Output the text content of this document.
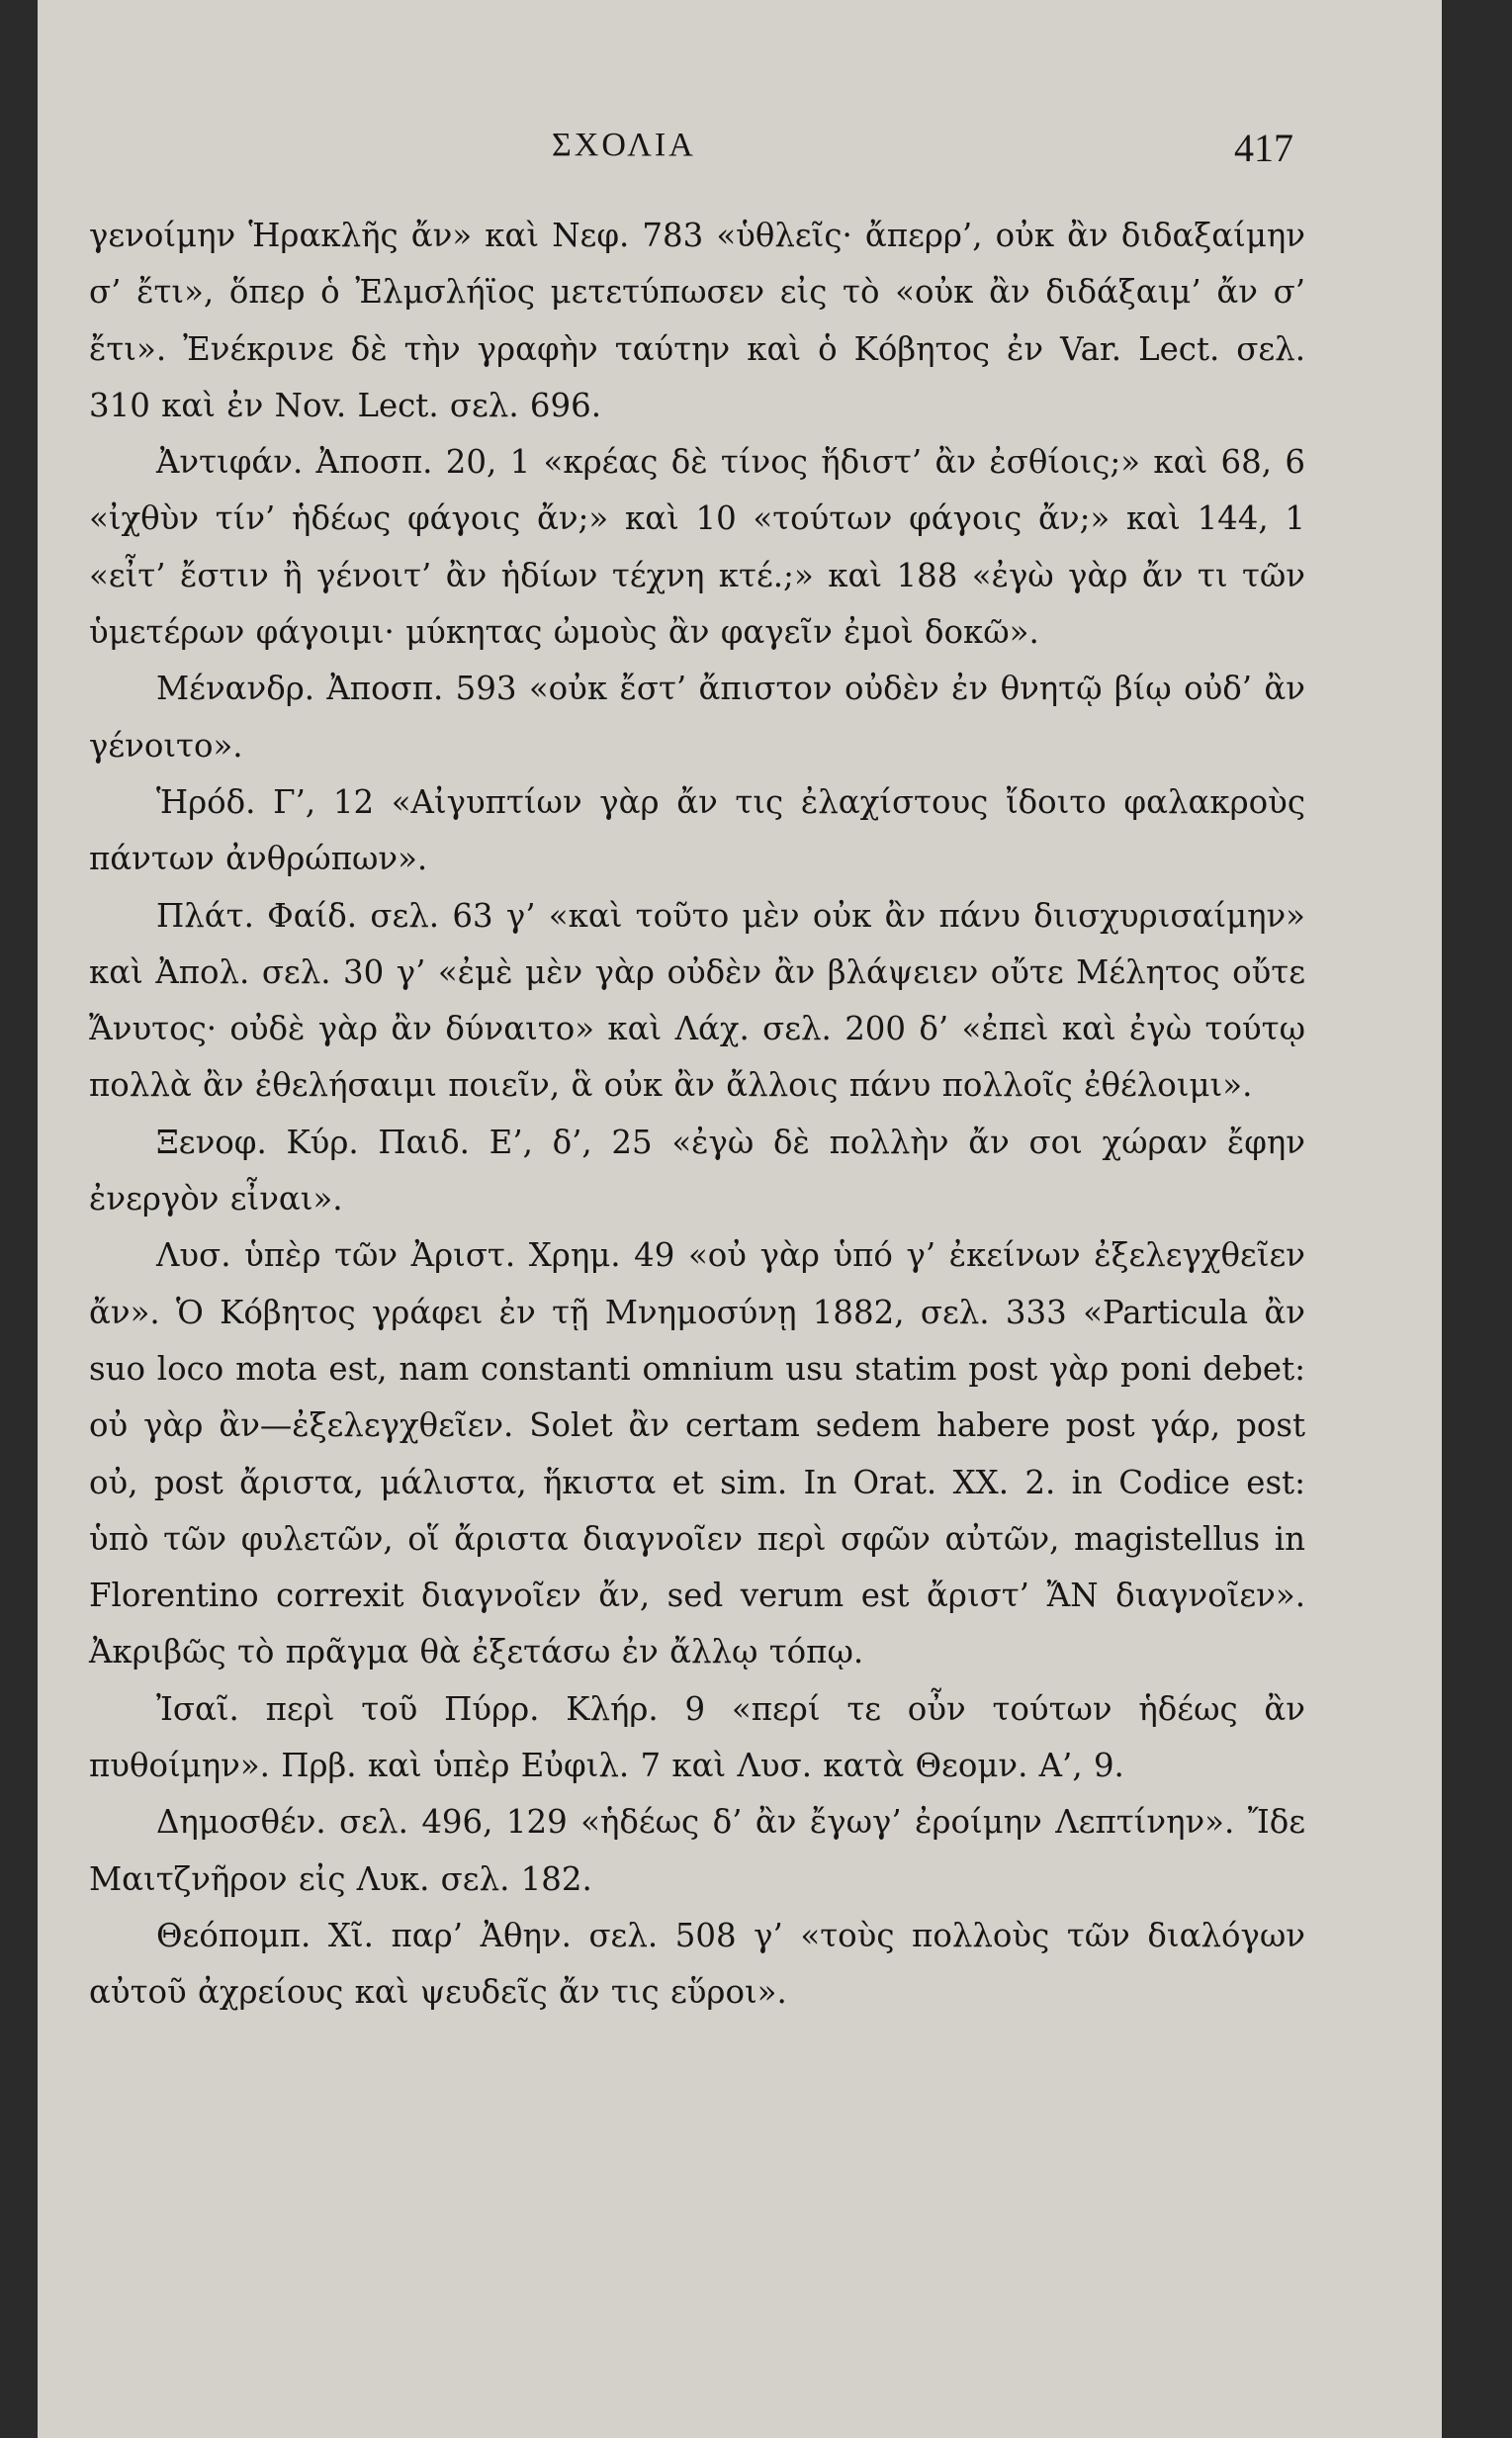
ΣΧΟΛΙΑ	417

γενοίμην Ἡρακλῆς ἄν» καὶ Νεφ. 783 «ὑθλεῖς· ἄπερρ’, οὐκ ἂν διδαξαίμην σ’ ἔτι», ὅπερ ὁ Ἐλμσλήϊος μετετύπωσεν εἰς τὸ «οὐκ ἂν διδάξαιμ’ ἄν σ’ ἔτι». Ἐνέκρινε δὲ τὴν γραφὴν ταύτην καὶ ὁ Κόβητος ἐν Var. Lect. σελ. 310 καὶ ἐν Nov. Lect. σελ. 696.

Ἀντιφάν. Ἀποσπ. 20, 1 «κρέας δὲ τίνος ἥδιστ’ ἂν ἐσθίοις;» καὶ 68, 6 «ἰχθὺν τίν’ ἡδέως φάγοις ἄν;» καὶ 10 «τούτων φάγοις ἄν;» καὶ 144, 1 «εἶτ’ ἔστιν ἢ γένοιτ’ ἂν ἡδίων τέχνη κτέ.;» καὶ 188 «ἐγὼ γὰρ ἄν τι τῶν ὑμετέρων φάγοιμι· μύκητας ὠμοὺς ἂν φαγεῖν ἐμοὶ δοκῶ».

Μένανδρ. Ἀποσπ. 593 «οὐκ ἔστ’ ἄπιστον οὐδὲν ἐν θνητῷ βίῳ οὐδ’ ἂν γένοιτο».

Ἡρόδ. Γ’, 12 «Αἰγυπτίων γὰρ ἄν τις ἐλαχίστους ἴδοιτο φαλακροὺς πάντων ἀνθρώπων».

Πλάτ. Φαίδ. σελ. 63 γ’ «καὶ τοῦτο μὲν οὐκ ἂν πάνυ διισχυρισαίμην» καὶ Ἀπολ. σελ. 30 γ’ «ἐμὲ μὲν γὰρ οὐδὲν ἂν βλάψειεν οὔτε Μέλητος οὔτε Ἄνυτος· οὐδὲ γὰρ ἂν δύναιτο» καὶ Λάχ. σελ. 200 δ’ «ἐπεὶ καὶ ἐγὼ τούτῳ πολλὰ ἂν ἐθελήσαιμι ποιεῖν, ἃ οὐκ ἂν ἄλλοις πάνυ πολλοῖς ἐθέλοιμι».

Ξενοφ. Κύρ. Παιδ. Ε’, δ’, 25 «ἐγὼ δὲ πολλὴν ἄν σοι χώραν ἔφην ἐνεργὸν εἶναι».

Λυσ. ὑπὲρ τῶν Ἀριστ. Χρημ. 49 «οὐ γὰρ ὑπό γ’ ἐκείνων ἐξελεγχθεῖεν ἄν». Ὁ Κόβητος γράφει ἐν τῇ Μνημοσύνῃ 1882, σελ. 333 «Particula ἂν suo loco mota est, nam constanti omnium usu statim post γὰρ poni debet: οὐ γὰρ ἂν—ἐξελεγχθεῖεν. Solet ἂν certam sedem habere post γάρ, post οὐ, post ἄριστα, μάλιστα, ἥκιστα et sim. In Orat. XX. 2. in Codice est: ὑπὸ τῶν φυλετῶν, οἵ ἄριστα διαγνοῖεν περὶ σφῶν αὐτῶν, magistellus in Florentino correxit διαγνοῖεν ἄν, sed verum est ἄριστ’ ἌΝ διαγνοῖεν». Ἀκριβῶς τὸ πρᾶγμα θὰ ἐξετάσω ἐν ἄλλῳ τόπῳ.

Ἰσαῖ. περὶ τοῦ Πύρρ. Κλήρ. 9 «περί τε οὖν τούτων ἡδέως ἂν πυθοίμην». Πρβ. καὶ ὑπὲρ Εὐφιλ. 7 καὶ Λυσ. κατὰ Θεομν. Α’, 9.

Δημοσθέν. σελ. 496, 129 «ἡδέως δ’ ἂν ἔγωγ’ ἐροίμην Λεπτίνην». Ἴδε Μαιτζνῆρον εἰς Λυκ. σελ. 182.

Θεόπομπ. Χῖ. παρ’ Ἀθην. σελ. 508 γ’ «τοὺς πολλοὺς τῶν διαλόγων αὐτοῦ ἀχρείους καὶ ψευδεῖς ἄν τις εὕροι».
